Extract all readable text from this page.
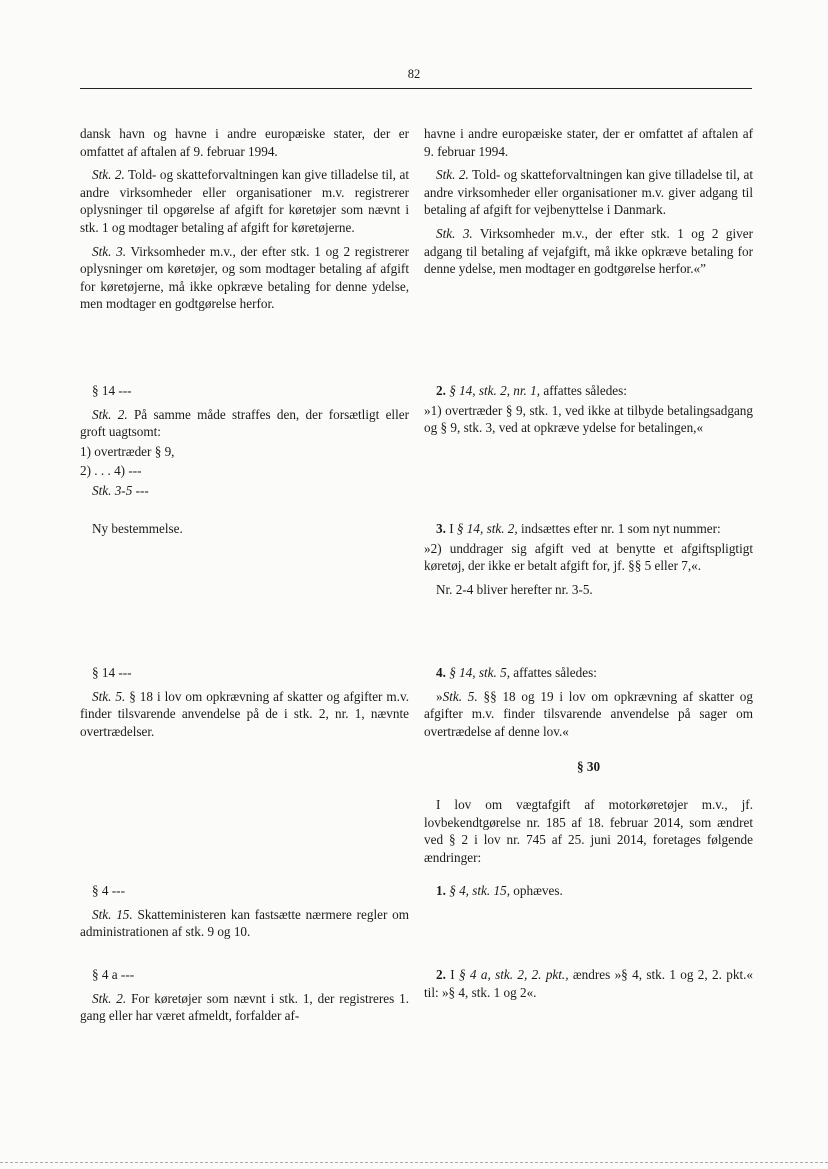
82

dansk havn og havne i andre europæiske stater, der er omfattet af aftalen af 9. februar 1994.

Stk. 2. Told- og skatteforvaltningen kan give tilladelse til, at andre virksomheder eller organisationer m.v. registrerer oplysninger til opgørelse af afgift for køretøjer som nævnt i stk. 1 og modtager betaling af afgift for køretøjerne.

Stk. 3. Virksomheder m.v., der efter stk. 1 og 2 registrerer oplysninger om køretøjer, og som modtager betaling af afgift for køretøjerne, må ikke opkræve betaling for denne ydelse, men modtager en godtgørelse herfor.

§ 14 ---

Stk. 2. På samme måde straffes den, der forsætligt eller groft uagtsomt:

1) overtræder § 9,

2) . . . 4) ---

Stk. 3-5 ---

Ny bestemmelse.

§ 14 ---

Stk. 5. § 18 i lov om opkrævning af skatter og afgifter m.v. finder tilsvarende anvendelse på de i stk. 2, nr. 1, nævnte overtrædelser.

§ 4 ---

Stk. 15. Skatteministeren kan fastsætte nærmere regler om administrationen af stk. 9 og 10.

§ 4 a ---

Stk. 2. For køretøjer som nævnt i stk. 1, der registreres 1. gang eller har været afmeldt, forfalder af-

havne i andre europæiske stater, der er omfattet af aftalen af 9. februar 1994.

Stk. 2. Told- og skatteforvaltningen kan give tilladelse til, at andre virksomheder eller organisationer m.v. giver adgang til betaling af afgift for vejbenyttelse i Danmark.

Stk. 3. Virksomheder m.v., der efter stk. 1 og 2 giver adgang til betaling af vejafgift, må ikke opkræve betaling for denne ydelse, men modtager en godtgørelse herfor.«”

2. § 14, stk. 2, nr. 1, affattes således:

»1) overtræder § 9, stk. 1, ved ikke at tilbyde betalingsadgang og § 9, stk. 3, ved at opkræve ydelse for betalingen,«

3. I § 14, stk. 2, indsættes efter nr. 1 som nyt nummer:

»2) unddrager sig afgift ved at benytte et afgiftspligtigt køretøj, der ikke er betalt afgift for, jf. §§ 5 eller 7,«.

Nr. 2-4 bliver herefter nr. 3-5.

4. § 14, stk. 5, affattes således:

»Stk. 5. §§ 18 og 19 i lov om opkrævning af skatter og afgifter m.v. finder tilsvarende anvendelse på sager om overtrædelse af denne lov.«

§ 30

I lov om vægtafgift af motorkøretøjer m.v., jf. lovbekendtgørelse nr. 185 af 18. februar 2014, som ændret ved § 2 i lov nr. 745 af 25. juni 2014, foretages følgende ændringer:

1. § 4, stk. 15, ophæves.

2. I § 4 a, stk. 2, 2. pkt., ændres »§ 4, stk. 1 og 2, 2. pkt.« til: »§ 4, stk. 1 og 2«.
